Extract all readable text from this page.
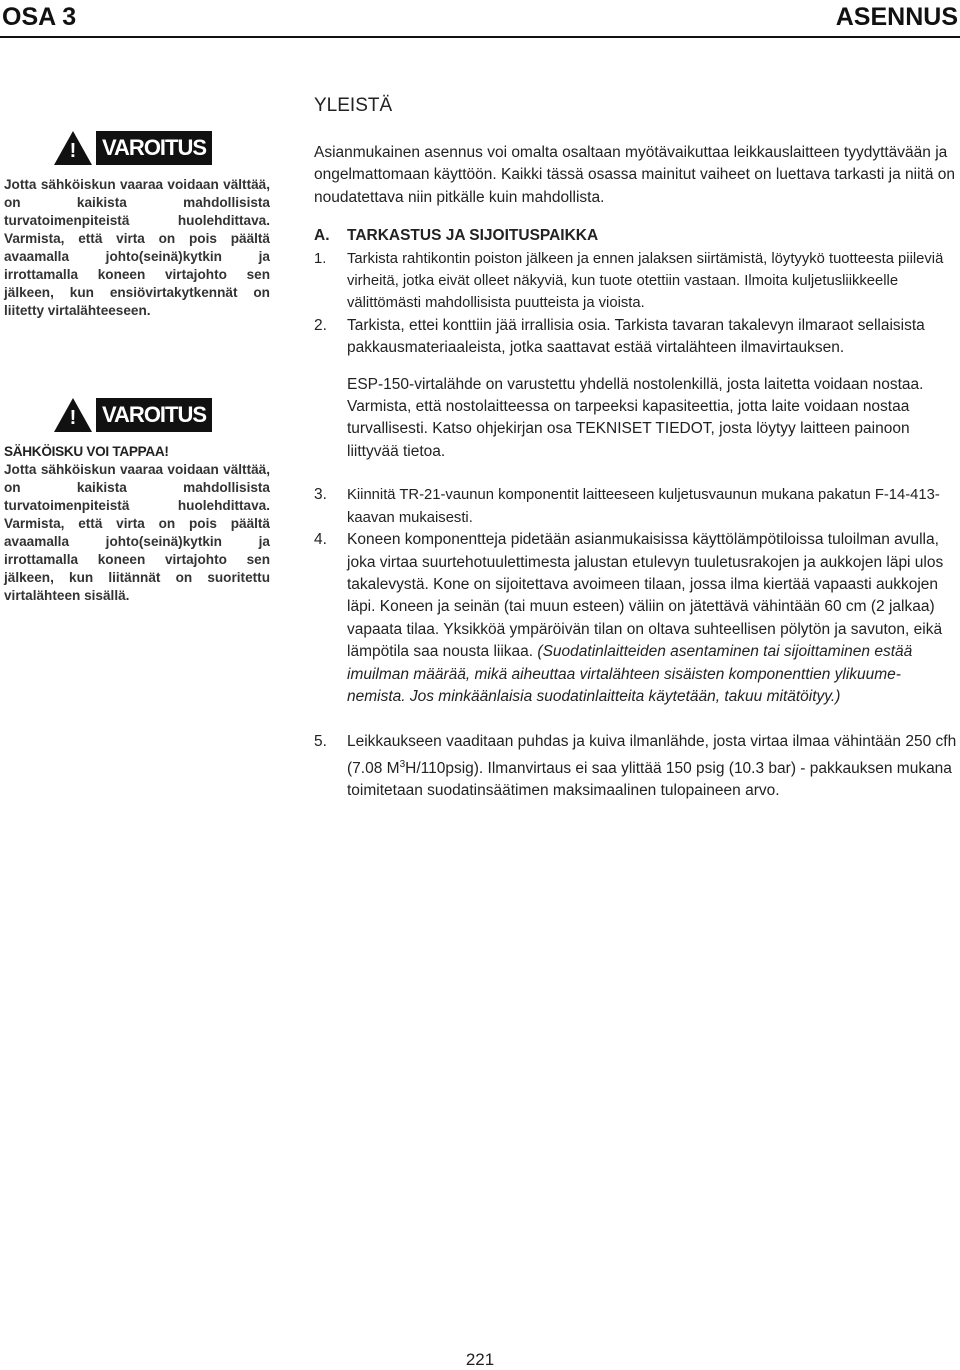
OSA 3	ASENNUS
!	VAROITUS

Jotta sähköiskun vaaraa voidaan välttää, on kaikista mahdollisista turvatoimenpiteistä huolehdittava. Varmista, että virta on pois päältä avaamalla johto(seinä)kytkin ja irrottamalla koneen virtajohto sen jälkeen, kun ensiövirtakytkennät on liitetty virtalähteeseen.

!	VAROITUS

SÄHKÖISKU VOI TAPPAA!

Jotta sähköiskun vaaraa voidaan välttää, on kaikista mahdollisista turvatoimenpiteistä huolehdittava. Varmista, että virta on pois päältä avaamalla johto(seinä)kytkin ja irrottamalla koneen virtajohto sen jälkeen, kun liitännät on suoritettu virtalähteen sisällä.

YLEISTÄ

Asianmukainen asennus voi omalta osaltaan myötävaikuttaa leikkauslaitteen tyydyttävään ja ongelmattomaan käyttöön. Kaikki tässä osassa mainitut vaiheet on luettava tarkasti ja niitä on noudatettava niin pitkälle kuin mahdollista.

A. TARKASTUS JA SIJOITUSPAIKKA
1. Tarkista rahtikontin poiston jälkeen ja ennen jalaksen siirtämistä, löytyykö tuotteesta piileviä virheitä, jotka eivät olleet näkyviä, kun tuote otettiin vastaan. Ilmoita kuljetusliikkeelle välittömästi mahdollisista puutteista ja vioista.
2. Tarkista, ettei konttiin jää irrallisia osia. Tarkista tavaran takalevyn ilmaraot sellaisista pakkausmateriaaleista, jotka saattavat estää virtalähteen ilmavirtauksen.
ESP-150-virtalähde on varustettu yhdellä nostolenkillä, josta laitetta voidaan nostaa. Varmista, että nostolaitteessa on tarpeeksi kapasiteettia, jotta laite voidaan nostaa turvallisesti. Katso ohjekirjan osa TEKNISET TIEDOT, josta löytyy laitteen painoon liittyvää tietoa.
3. Kiinnitä TR-21-vaunun komponentit laitteeseen kuljetusvaunun mukana pakatun F-14-413-kaavan mukaisesti.
4. Koneen komponentteja pidetään asianmukaisissa käyttölämpötiloissa tuloilman avulla, joka virtaa suurtehotuulettimesta jalustan etulevyn tuuletusrakojen ja aukkojen läpi ulos takalevystä. Kone on sijoitettava avoimeen tilaan, jossa ilma kiertää vapaasti aukkojen läpi. Koneen ja seinän (tai muun esteen) väliin on jätettävä vähintään 60 cm (2 jalkaa) vapaata tilaa. Yksikköä ympäröivän tilan on oltava suhteellisen pölytön ja savuton, eikä lämpötila saa nousta liikaa. (Suodatinlaitteiden asentaminen tai sijoittaminen estää imuilman määrää, mikä aiheuttaa virtalähteen sisäisten komponenttien ylikuume- nemista. Jos minkäänlaisia suodatinlaitteita käytetään, takuu mitätöityy.)
5. Leikkaukseen vaaditaan puhdas ja kuiva ilmanlähde, josta virtaa ilmaa vähintään 250 cfh (7.08 $M^3H/110psig$). Ilmanvirtaus ei saa ylittää 150 psig (10.3 bar) - pakkauksen mukana toimitetaan suodatinsäätimen maksimaalinen tulopaineen arvo.
221
